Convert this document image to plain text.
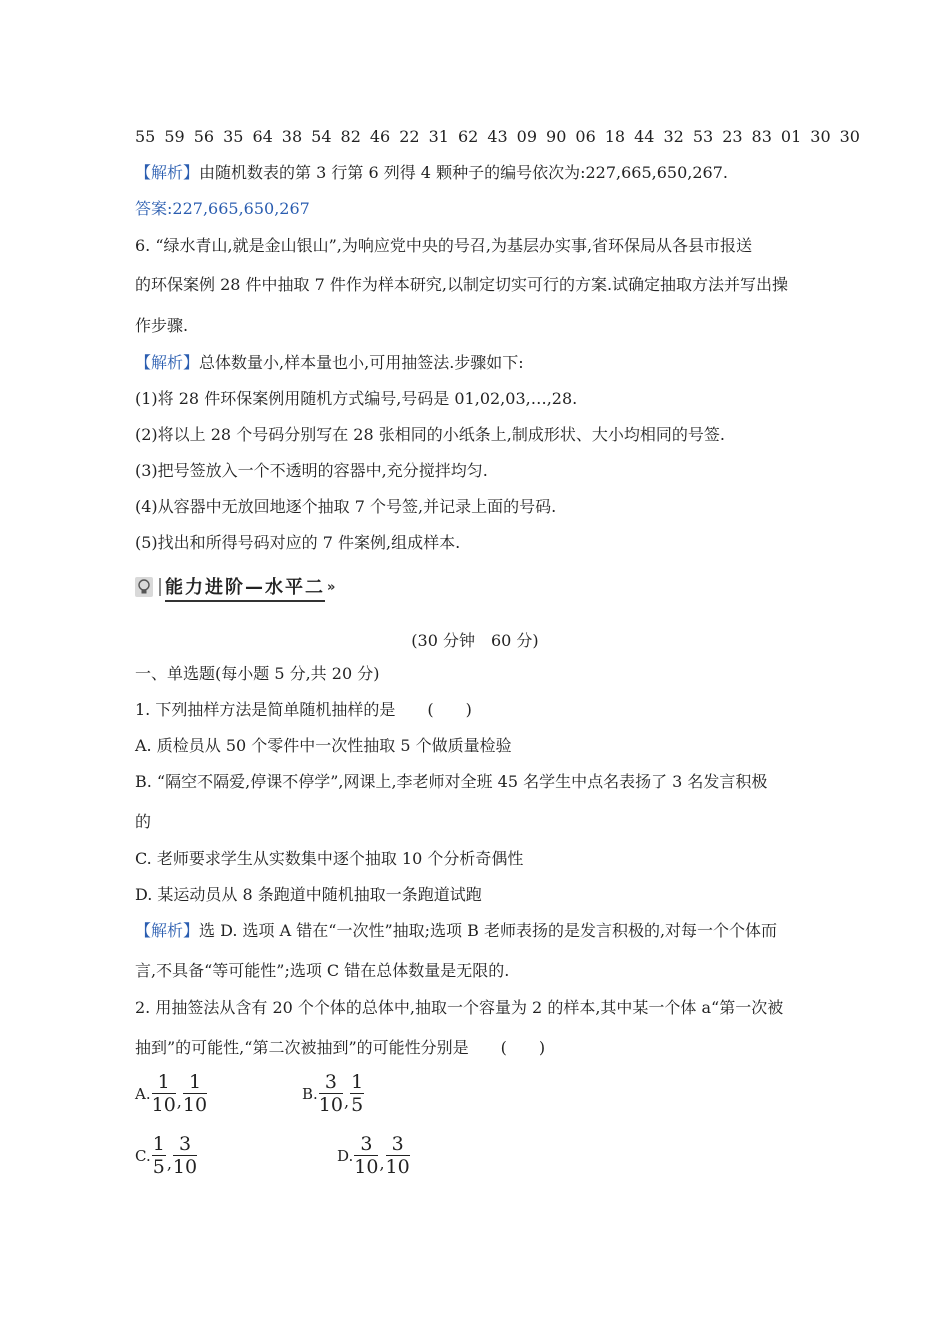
55 59 56 35 64 38 54 82 46 22 31 62 43 09 90 06 18 44 32 53 23 83 01 30 30
【解析】由随机数表的第 3 行第 6 列得 4 颗种子的编号依次为:227,665,650,267.
答案:227,665,650,267
6. “绿水青山,就是金山银山”,为响应党中央的号召,为基层办实事,省环保局从各县市报送
的环保案例 28 件中抽取 7 件作为样本研究,以制定切实可行的方案.试确定抽取方法并写出操
作步骤.
【解析】总体数量小,样本量也小,可用抽签法.步骤如下:
(1)将 28 件环保案例用随机方式编号,号码是 01,02,03,…,28.
(2)将以上 28 个号码分别写在 28 张相同的小纸条上,制成形状、大小均相同的号签.
(3)把号签放入一个不透明的容器中,充分搅拌均匀.
(4)从容器中无放回地逐个抽取 7 个号签,并记录上面的号码.
(5)找出和所得号码对应的 7 件案例,组成样本.
能力进阶—水平二 »
(30 分钟　60 分)
一、单选题(每小题 5 分,共 20 分)
1. 下列抽样方法是简单随机抽样的是　　(　　)
A. 质检员从 50 个零件中一次性抽取 5 个做质量检验
B. “隔空不隔爱,停课不停学”,网课上,李老师对全班 45 名学生中点名表扬了 3 名发言积极
的
C. 老师要求学生从实数集中逐个抽取 10 个分析奇偶性
D. 某运动员从 8 条跑道中随机抽取一条跑道试跑
【解析】选 D. 选项 A 错在“一次性”抽取;选项 B 老师表扬的是发言积极的,对每一个个体而
言,不具备“等可能性”;选项 C 错在总体数量是无限的.
2. 用抽签法从含有 20 个个体的总体中,抽取一个容量为 2 的样本,其中某一个体 a“第一次被
抽到”的可能性,“第二次被抽到”的可能性分别是　　(　　)
A. $\frac{1}{10}$ , $\frac{1}{10}$	B. $\frac{3}{10}$ , $\frac{1}{5}$
C. $\frac{1}{5}$ , $\frac{3}{10}$	D. $\frac{3}{10}$ , $\frac{3}{10}$
